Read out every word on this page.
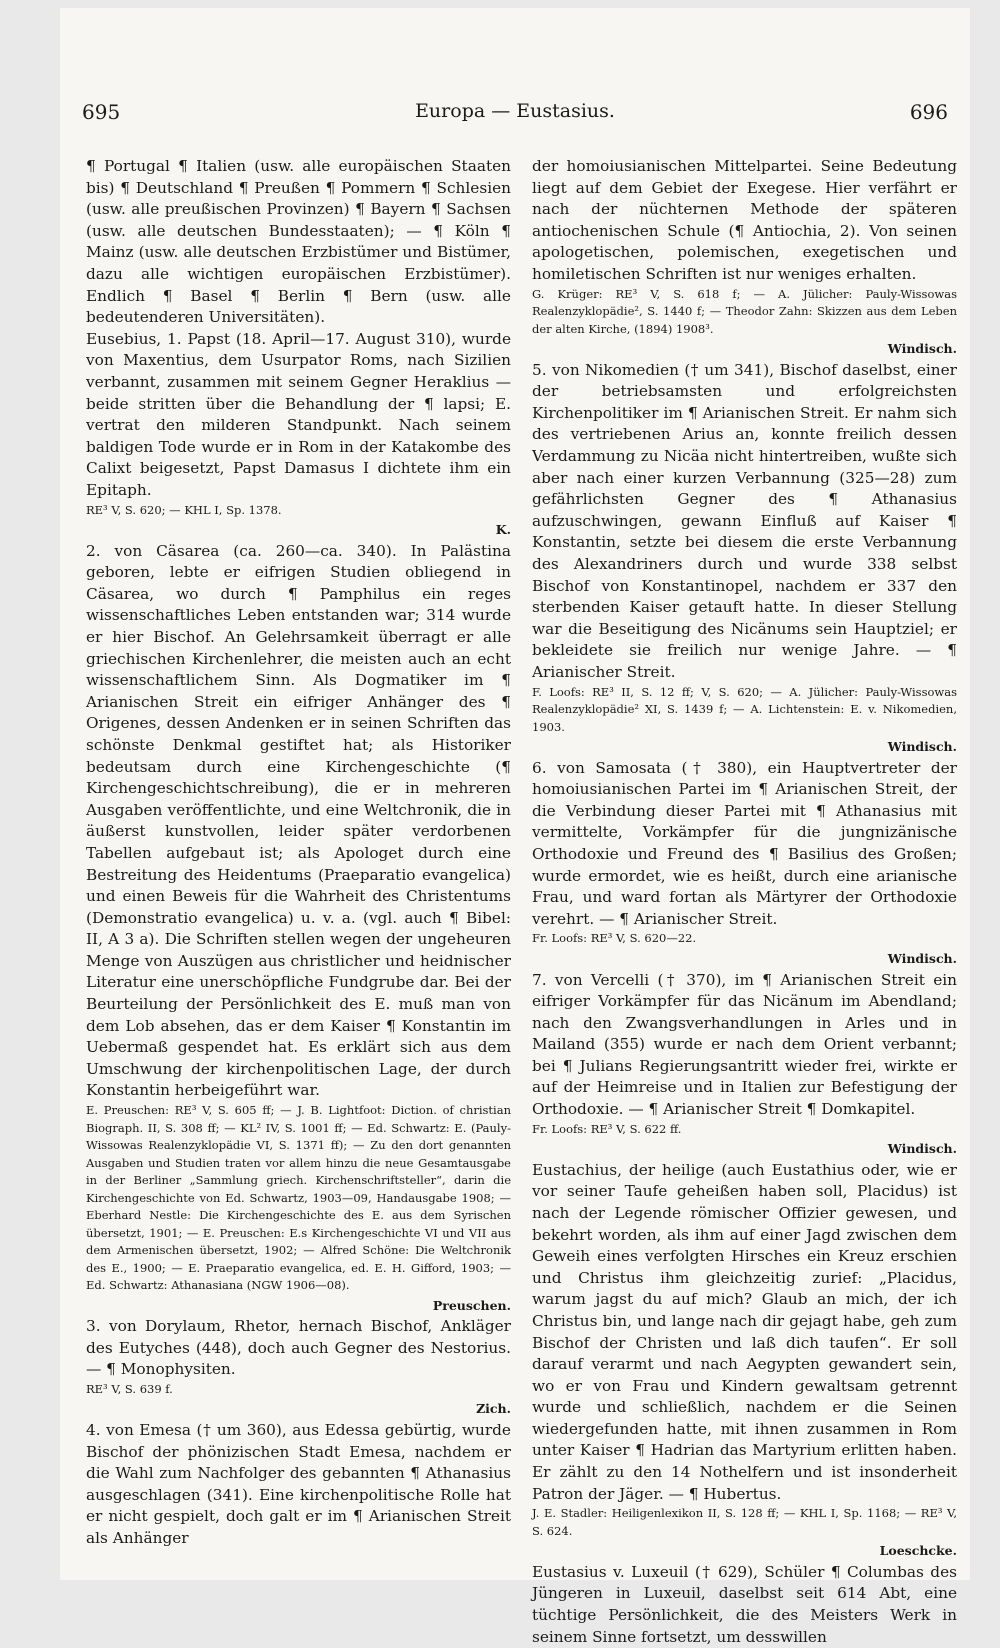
695	Europa — Eustasius.	696

¶ Portugal ¶ Italien (usw. alle europäischen Staaten bis) ¶ Deutschland ¶ Preußen ¶ Pommern ¶ Schlesien (usw. alle preußischen Provinzen) ¶ Bayern ¶ Sachsen (usw. alle deutschen Bundesstaaten); — ¶ Köln ¶ Mainz (usw. alle deutschen Erzbistümer und Bistümer, dazu alle wichtigen europäischen Erzbistümer). Endlich ¶ Basel ¶ Berlin ¶ Bern (usw. alle bedeutenderen Universitäten).

Eusebius, 1. Papst (18. April—17. August 310), wurde von Maxentius, dem Usurpator Roms, nach Sizilien verbannt, zusammen mit seinem Gegner Heraklius — beide stritten über die Behandlung der ¶ lapsi; E. vertrat den milderen Standpunkt. Nach seinem baldigen Tode wurde er in Rom in der Katakombe des Calixt beigesetzt, Papst Damasus I dichtete ihm ein Epitaph.

RE³ V, S. 620; — KHL I, Sp. 1378.

K.

2. von Cäsarea (ca. 260—ca. 340). In Palästina geboren, lebte er eifrigen Studien obliegend in Cäsarea, wo durch ¶ Pamphilus ein reges wissenschaftliches Leben entstanden war; 314 wurde er hier Bischof. An Gelehrsamkeit überragt er alle griechischen Kirchenlehrer, die meisten auch an echt wissenschaftlichem Sinn. Als Dogmatiker im ¶ Arianischen Streit ein eifriger Anhänger des ¶ Origenes, dessen Andenken er in seinen Schriften das schönste Denkmal gestiftet hat; als Historiker bedeutsam durch eine Kirchengeschichte (¶ Kirchengeschichtschreibung), die er in mehreren Ausgaben veröffentlichte, und eine Weltchronik, die in äußerst kunstvollen, leider später verdorbenen Tabellen aufgebaut ist; als Apologet durch eine Bestreitung des Heidentums (Praeparatio evangelica) und einen Beweis für die Wahrheit des Christentums (Demonstratio evangelica) u. v. a. (vgl. auch ¶ Bibel: II, A 3 a). Die Schriften stellen wegen der ungeheuren Menge von Auszügen aus christlicher und heidnischer Literatur eine unerschöpfliche Fundgrube dar. Bei der Beurteilung der Persönlichkeit des E. muß man von dem Lob absehen, das er dem Kaiser ¶ Konstantin im Uebermaß gespendet hat. Es erklärt sich aus dem Umschwung der kirchenpolitischen Lage, der durch Konstantin herbeigeführt war.

E. Preuschen: RE³ V, S. 605 ff; — J. B. Lightfoot: Diction. of christian Biograph. II, S. 308 ff; — KL² IV, S. 1001 ff; — Ed. Schwartz: E. (Pauly-Wissowas Realenzyklopädie VI, S. 1371 ff); — Zu den dort genannten Ausgaben und Studien traten vor allem hinzu die neue Gesamtausgabe in der Berliner „Sammlung griech. Kirchenschriftsteller“, darin die Kirchengeschichte von Ed. Schwartz, 1903—09, Handausgabe 1908; — Eberhard Nestle: Die Kirchengeschichte des E. aus dem Syrischen übersetzt, 1901; — E. Preuschen: E.s Kirchengeschichte VI und VII aus dem Armenischen übersetzt, 1902; — Alfred Schöne: Die Weltchronik des E., 1900; — E. Praeparatio evangelica, ed. E. H. Gifford, 1903; — Ed. Schwartz: Athanasiana (NGW 1906—08).

Preuschen.

3. von Dorylaum, Rhetor, hernach Bischof, Ankläger des Eutyches (448), doch auch Gegner des Nestorius. — ¶ Monophysiten.

RE³ V, S. 639 f.

Zich.

4. von Emesa († um 360), aus Edessa gebürtig, wurde Bischof der phönizischen Stadt Emesa, nachdem er die Wahl zum Nachfolger des gebannten ¶ Athanasius ausgeschlagen (341). Eine kirchenpolitische Rolle hat er nicht gespielt, doch galt er im ¶ Arianischen Streit als Anhänger

der homoiusianischen Mittelpartei. Seine Bedeutung liegt auf dem Gebiet der Exegese. Hier verfährt er nach der nüchternen Methode der späteren antiochenischen Schule (¶ Antiochia, 2). Von seinen apologetischen, polemischen, exegetischen und homiletischen Schriften ist nur weniges erhalten.

G. Krüger: RE³ V, S. 618 f; — A. Jülicher: Pauly-Wissowas Realenzyklopädie², S. 1440 f; — Theodor Zahn: Skizzen aus dem Leben der alten Kirche, (1894) 1908³.

Windisch.

5. von Nikomedien († um 341), Bischof daselbst, einer der betriebsamsten und erfolgreichsten Kirchenpolitiker im ¶ Arianischen Streit. Er nahm sich des vertriebenen Arius an, konnte freilich dessen Verdammung zu Nicäa nicht hintertreiben, wußte sich aber nach einer kurzen Verbannung (325—28) zum gefährlichsten Gegner des ¶ Athanasius aufzuschwingen, gewann Einfluß auf Kaiser ¶ Konstantin, setzte bei diesem die erste Verbannung des Alexandriners durch und wurde 338 selbst Bischof von Konstantinopel, nachdem er 337 den sterbenden Kaiser getauft hatte. In dieser Stellung war die Beseitigung des Nicänums sein Hauptziel; er bekleidete sie freilich nur wenige Jahre. — ¶ Arianischer Streit.

F. Loofs: RE³ II, S. 12 ff; V, S. 620; — A. Jülicher: Pauly-Wissowas Realenzyklopädie² XI, S. 1439 f; — A. Lichtenstein: E. v. Nikomedien, 1903.

Windisch.

6. von Samosata († 380), ein Hauptvertreter der homoiusianischen Partei im ¶ Arianischen Streit, der die Verbindung dieser Partei mit ¶ Athanasius mit vermittelte, Vorkämpfer für die jungnizänische Orthodoxie und Freund des ¶ Basilius des Großen; wurde ermordet, wie es heißt, durch eine arianische Frau, und ward fortan als Märtyrer der Orthodoxie verehrt. — ¶ Arianischer Streit.

Fr. Loofs: RE³ V, S. 620—22.

Windisch.

7. von Vercelli († 370), im ¶ Arianischen Streit ein eifriger Vorkämpfer für das Nicänum im Abendland; nach den Zwangsverhandlungen in Arles und in Mailand (355) wurde er nach dem Orient verbannt; bei ¶ Julians Regierungsantritt wieder frei, wirkte er auf der Heimreise und in Italien zur Befestigung der Orthodoxie. — ¶ Arianischer Streit ¶ Domkapitel.

Fr. Loofs: RE³ V, S. 622 ff.

Windisch.

Eustachius, der heilige (auch Eustathius oder, wie er vor seiner Taufe geheißen haben soll, Placidus) ist nach der Legende römischer Offizier gewesen, und bekehrt worden, als ihm auf einer Jagd zwischen dem Geweih eines verfolgten Hirsches ein Kreuz erschien und Christus ihm gleichzeitig zurief: „Placidus, warum jagst du auf mich? Glaub an mich, der ich Christus bin, und lange nach dir gejagt habe, geh zum Bischof der Christen und laß dich taufen“. Er soll darauf verarmt und nach Aegypten gewandert sein, wo er von Frau und Kindern gewaltsam getrennt wurde und schließlich, nachdem er die Seinen wiedergefunden hatte, mit ihnen zusammen in Rom unter Kaiser ¶ Hadrian das Martyrium erlitten haben. Er zählt zu den 14 Nothelfern und ist insonderheit Patron der Jäger. — ¶ Hubertus.

J. E. Stadler: Heiligenlexikon II, S. 128 ff; — KHL I, Sp. 1168; — RE³ V, S. 624.

Loeschcke.

Eustasius v. Luxeuil († 629), Schüler ¶ Columbas des Jüngeren in Luxeuil, daselbst seit 614 Abt, eine tüchtige Persönlichkeit, die des Meisters Werk in seinem Sinne fortsetzt, um desswillen
